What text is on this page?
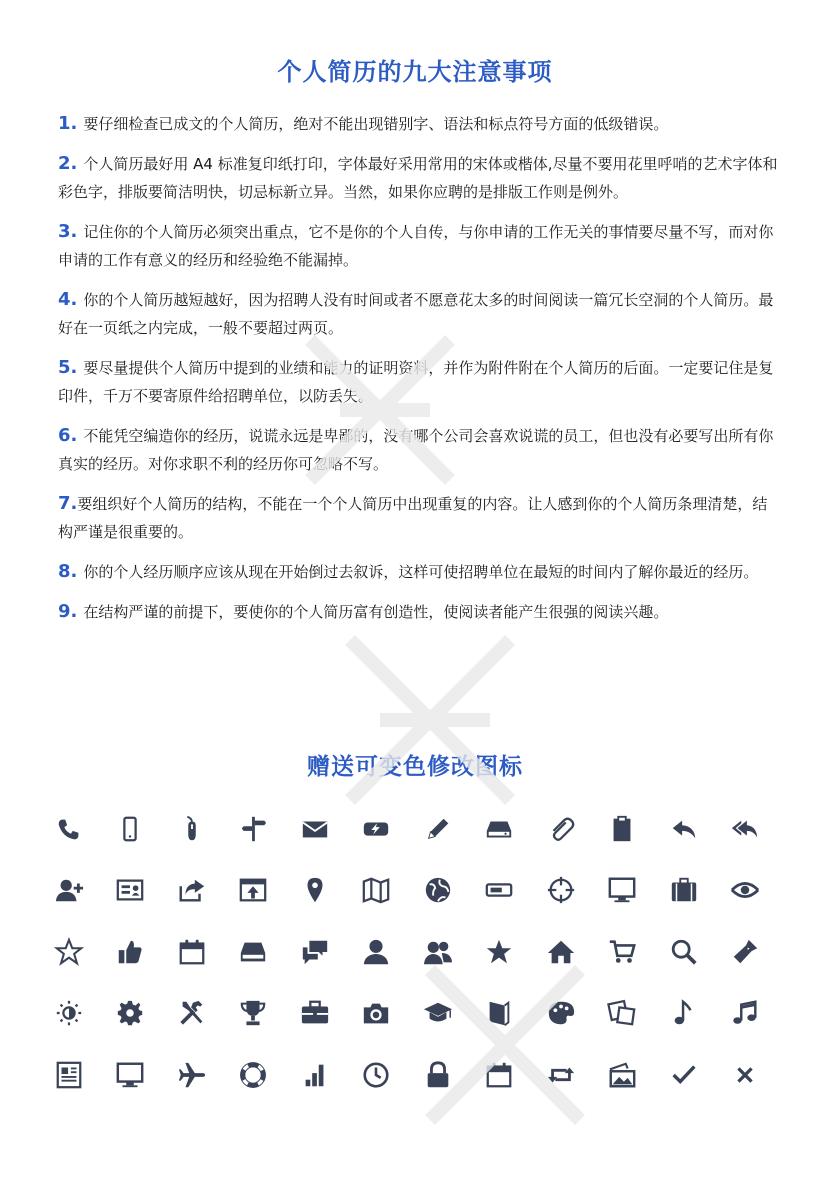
个人简历的九大注意事项
1. 要仔细检查已成文的个人简历，绝对不能出现错别字、语法和标点符号方面的低级错误。
2. 个人简历最好用 A4 标准复印纸打印，字体最好采用常用的宋体或楷体,尽量不要用花里呼哨的艺术字体和彩色字，排版要简洁明快，切忌标新立异。当然，如果你应聘的是排版工作则是例外。
3. 记住你的个人简历必须突出重点，它不是你的个人自传，与你申请的工作无关的事情要尽量不写，而对你申请的工作有意义的经历和经验绝不能漏掉。
4. 你的个人简历越短越好，因为招聘人没有时间或者不愿意花太多的时间阅读一篇冗长空洞的个人简历。最好在一页纸之内完成，一般不要超过两页。
5. 要尽量提供个人简历中提到的业绩和能力的证明资料，并作为附件附在个人简历的后面。一定要记住是复印件，千万不要寄原件给招聘单位，以防丢失。
6. 不能凭空编造你的经历，说谎永远是卑鄙的，没有哪个公司会喜欢说谎的员工，但也没有必要写出所有你真实的经历。对你求职不利的经历你可忽略不写。
7.要组织好个人简历的结构，不能在一个个人简历中出现重复的内容。让人感到你的个人简历条理清楚，结构严谨是很重要的。
8. 你的个人经历顺序应该从现在开始倒过去叙诉，这样可使招聘单位在最短的时间内了解你最近的经历。
9. 在结构严谨的前提下，要使你的个人简历富有创造性，使阅读者能产生很强的阅读兴趣。
赠送可变色修改图标
